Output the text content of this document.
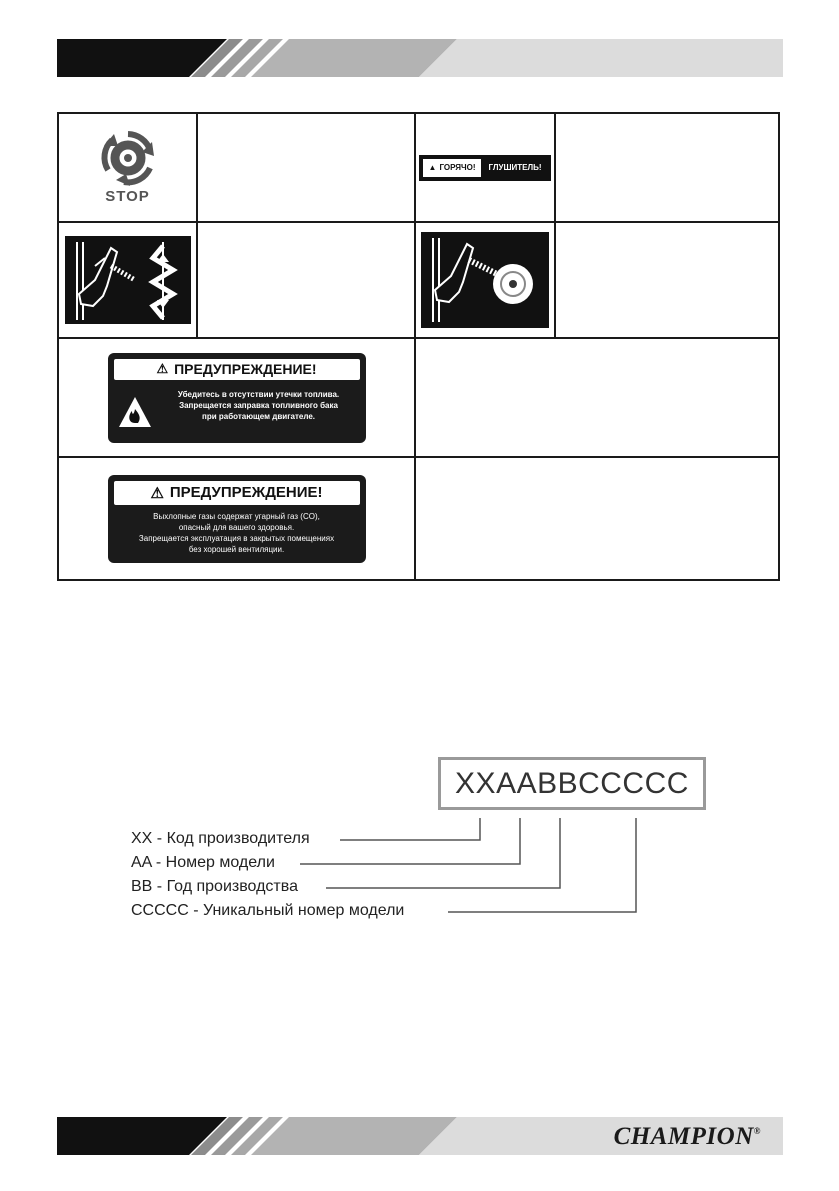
STOP
▲ ГОРЯЧО!	ГЛУШИТЕЛЬ!
⚠ ПРЕДУПРЕЖДЕНИЕ!
Убедитесь в отсутствии утечки топлива.
Запрещается заправка топливного бака
при работающем двигателе.
⚠ ПРЕДУПРЕЖДЕНИЕ!
Выхлопные газы содержат угарный газ (CO),
опасный для вашего здоровья.
Запрещается эксплуатация в закрытых помещениях
без хорошей вентиляции.
XXAABBCCCCC
XX - Код производителя
AA - Номер модели
BB - Год производства
CCCCC - Уникальный номер модели
CHAMPION®
